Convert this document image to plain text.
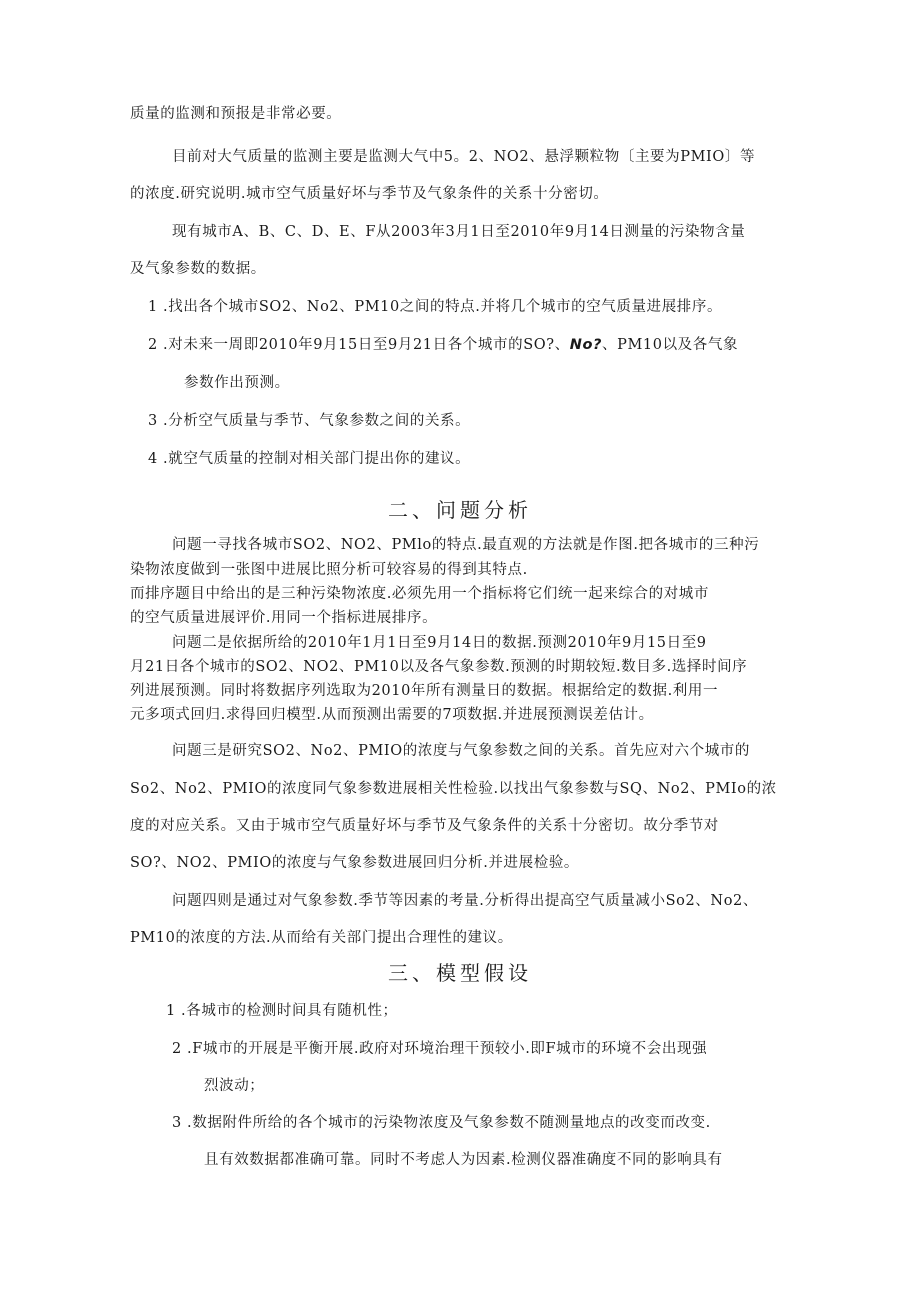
质量的监测和预报是非常必要。
目前对大气质量的监测主要是监测大气中5。2、NO2、悬浮颗粒物〔主要为PMIO〕等
的浓度.研究说明.城市空气质量好坏与季节及气象条件的关系十分密切。
现有城市A、B、C、D、E、F从2003年3月1日至2010年9月14日测量的污染物含量
及气象参数的数据。
1 .找出各个城市SO2、No2、PM10之间的特点.并将几个城市的空气质量进展排序。
2 .对未来一周即2010年9月15日至9月21日各个城市的SO?、No?、PM10以及各气象
参数作出预测。
3 .分析空气质量与季节、气象参数之间的关系。
4 .就空气质量的控制对相关部门提出你的建议。
二、问题分析
问题一寻找各城市SO2、NO2、PMlo的特点.最直观的方法就是作图.把各城市的三种污
染物浓度做到一张图中进展比照分析可较容易的得到其特点.
而排序题目中给出的是三种污染物浓度.必须先用一个指标将它们统一起来综合的对城市
的空气质量进展评价.用同一个指标进展排序。
问题二是依据所给的2010年1月1日至9月14日的数据.预测2010年9月15日至9
月21日各个城市的SO2、NO2、PM10以及各气象参数.预测的时期较短.数目多.选择时间序
列进展预测。同时将数据序列选取为2010年所有测量日的数据。根据给定的数据.利用一
元多项式回归.求得回归模型.从而预测出需要的7项数据.并进展预测误差估计。
问题三是研究SO2、No2、PMIO的浓度与气象参数之间的关系。首先应对六个城市的
So2、No2、PMIO的浓度同气象参数进展相关性检验.以找出气象参数与SQ、No2、PMIo的浓
度的对应关系。又由于城市空气质量好坏与季节及气象条件的关系十分密切。故分季节对
SO?、NO2、PMIO的浓度与气象参数进展回归分析.并进展检验。
问题四则是通过对气象参数.季节等因素的考量.分析得出提高空气质量减小So2、No2、
PM10的浓度的方法.从而给有关部门提出合理性的建议。
三、模型假设
1 .各城市的检测时间具有随机性；
2 .F城市的开展是平衡开展.政府对环境治理干预较小.即F城市的环境不会出现强
烈波动；
3 .数据附件所给的各个城市的污染物浓度及气象参数不随测量地点的改变而改变.
且有效数据都准确可靠。同时不考虑人为因素.检测仪器准确度不同的影响具有
